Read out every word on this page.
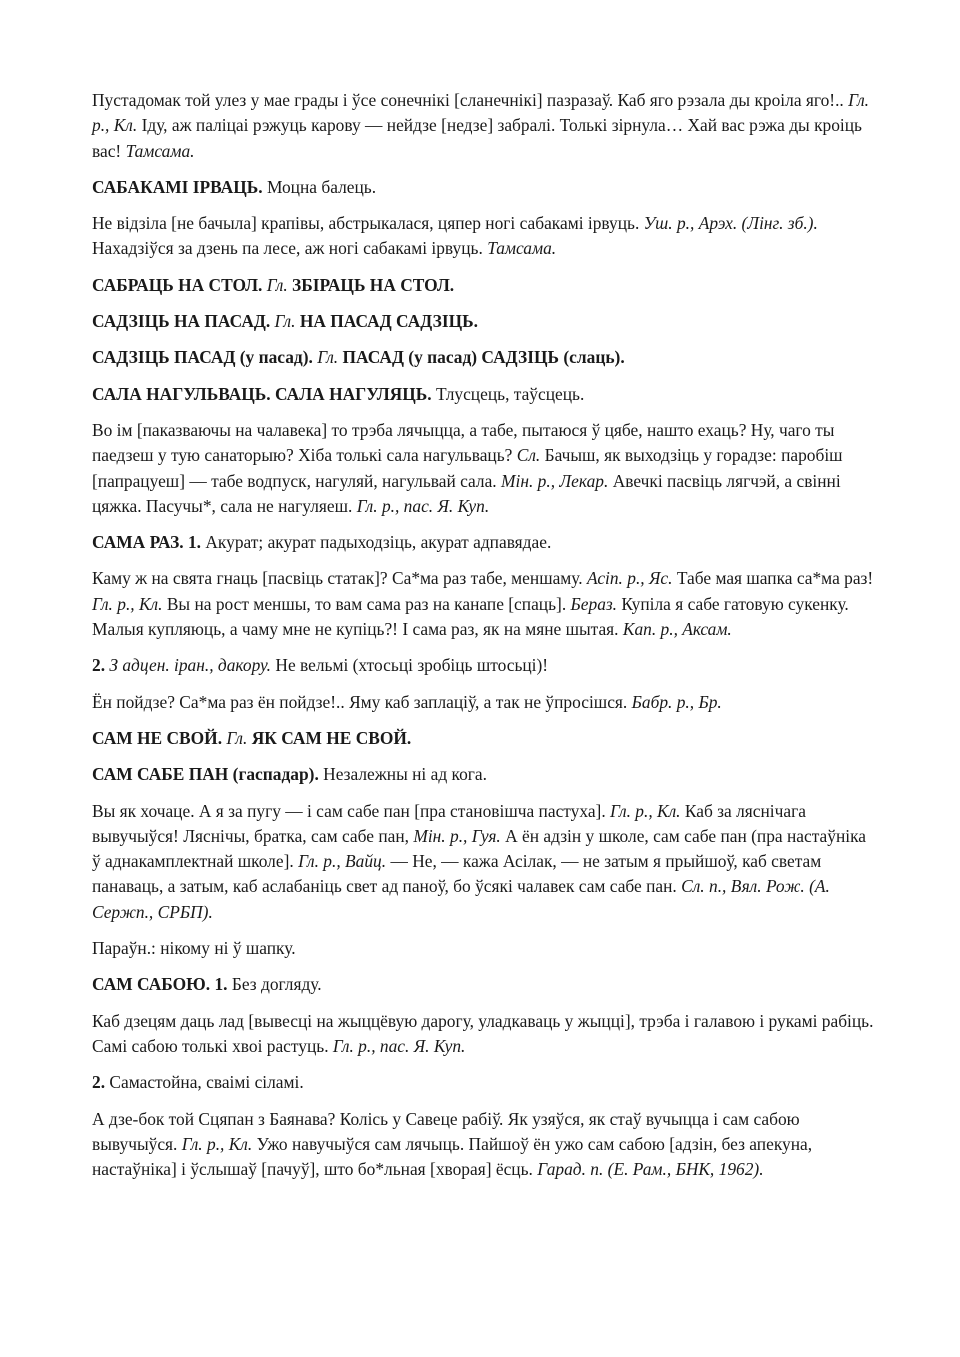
Пустадомак той улез у мае грады і ўсе сонечнікі [сланечнікі] пазразаў. Каб яго рэзала ды кроіла яго!.. Гл. р., Кл. Іду, аж паліцаі рэжуць карову — нейдзе [недзе] забралі. Толькі зірнула… Хай вас рэжа ды кроіць вас! Тамсама.

САБАКАМІ ІРВАЦЬ. Моцна балець.

Не відзіла [не бачыла] крапівы, абстрыкалася, цяпер ногі сабакамі ірвуць. Уш. р., Арэх. (Лінг. зб.). Нахадзіўся за дзень па лесе, аж ногі сабакамі ірвуць. Тамсама.

САБРАЦЬ НА СТОЛ. Гл. ЗБІРАЦЬ НА СТОЛ.

САДЗІЦЬ НА ПАСАД. Гл. НА ПАСАД САДЗІЦЬ.

САДЗІЦЬ ПАСАД (у пасад). Гл. ПАСАД (у пасад) САДЗІЦЬ (слаць).

САЛА НАГУЛЬВАЦЬ. САЛА НАГУЛЯЦЬ. Тлусцець, таўсцець.

Во ім [паказваючы на чалавека] то трэба лячыцца, а табе, пытаюся ў цябе, нашто ехаць? Ну, чаго ты паедзеш у тую санаторыю? Хіба толькі сала нагульваць? Сл. Бачыш, як выходзіць у горадзе: паробіш [папрацуеш] — табе водпуск, нагуляй, нагульвай сала. Мін. р., Лекар. Авечкі пасвіць лягчэй, а свінні цяжка. Пасучы*, сала не нагуляеш. Гл. р., пас. Я. Куп.

САМА РАЗ. 1. Акурат; акурат падыходзіць, акурат адпавядае.

Каму ж на свята гнаць [пасвіць статак]? Са*ма раз табе, меншаму. Асіп. р., Яс. Табе мая шапка са*ма раз! Гл. р., Кл. Вы на рост меншы, то вам сама раз на канапе [спаць]. Бераз. Купіла я сабе гатовую сукенку. Малыя купляюць, а чаму мне не купіць?! І сама раз, як на мяне шытая. Кап. р., Аксам.

2. З адцен. іран., дакору. Не вельмі (хтосьці зробіць штосьці)!

Ён пойдзе? Са*ма раз ён пойдзе!.. Яму каб заплаціў, а так не ўпросішся. Бабр. р., Бр.

САМ НЕ СВОЙ. Гл. ЯК САМ НЕ СВОЙ.

САМ САБЕ ПАН (гаспадар). Незалежны ні ад кога.

Вы як хочаце. А я за пугу — і сам сабе пан [пра становішча пастуха]. Гл. р., Кл. Каб за ляснічага вывучыўся! Ляснічы, братка, сам сабе пан, Мін. р., Гуя. А ён адзін у школе, сам сабе пан (пра настаўніка ў аднакамплектнай школе]. Гл. р., Вайц. — Не, — кажа Асілак, — не затым я прыйшоў, каб светам панаваць, а затым, каб аслабаніць свет ад паноў, бо ўсякі чалавек сам сабе пан. Сл. п., Вял. Рож. (А. Сержп., СРБП).

Параўн.: нікому ні ў шапку.

САМ САБОЮ. 1. Без догляду.

Каб дзецям даць лад [вывесці на жыццёвую дарогу, уладкаваць у жыцці], трэба і галавою і рукамі рабіць. Самі сабою толькі хвоі растуць. Гл. р., пас. Я. Куп.

2. Самастойна, сваімі сіламі.

А дзе-бок той Сцяпан з Баянава? Колісь у Савеце рабіў. Як узяўся, як стаў вучыцца і сам сабою вывучыўся. Гл. р., Кл. Ужо навучыўся сам лячыць. Пайшоў ён ужо сам сабою [адзін, без апекуна, настаўніка] і ўслышаў [пачуў], што бо*льная [хворая] ёсць. Гарад. п. (Е. Рам., БНК, 1962).
